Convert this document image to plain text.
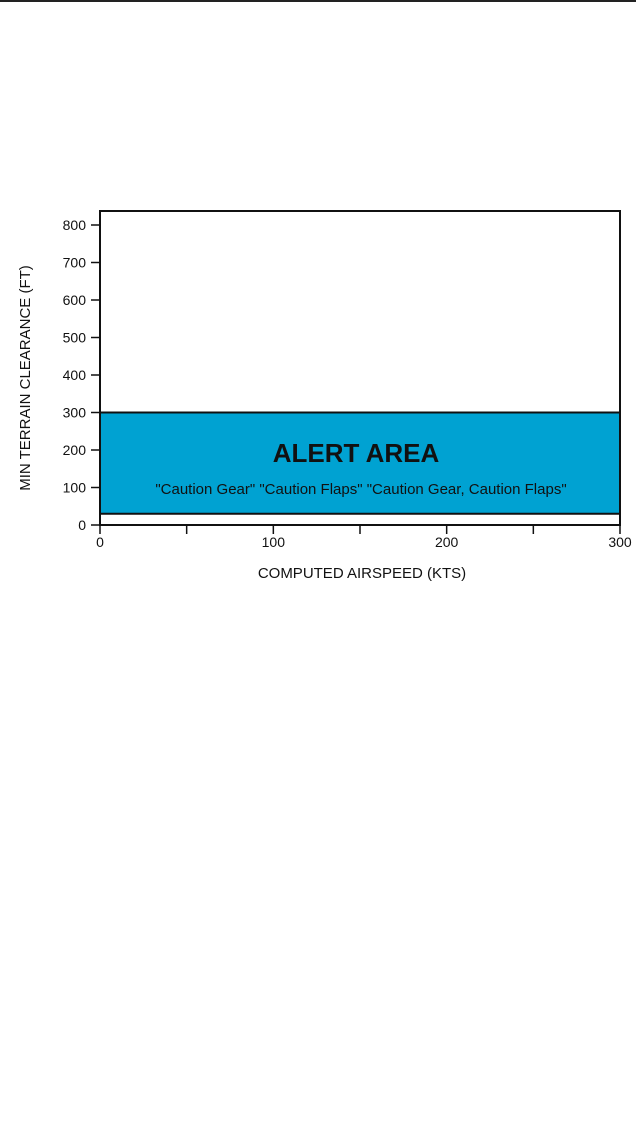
0	100	200	300
0
100
200
300
400
500
600
700
800
ALERT AREA
"Caution Gear" "Caution Flaps" "Caution Gear, Caution Flaps"
COMPUTED AIRSPEED (KTS)
MIN TERRAIN CLEARANCE (FT)
